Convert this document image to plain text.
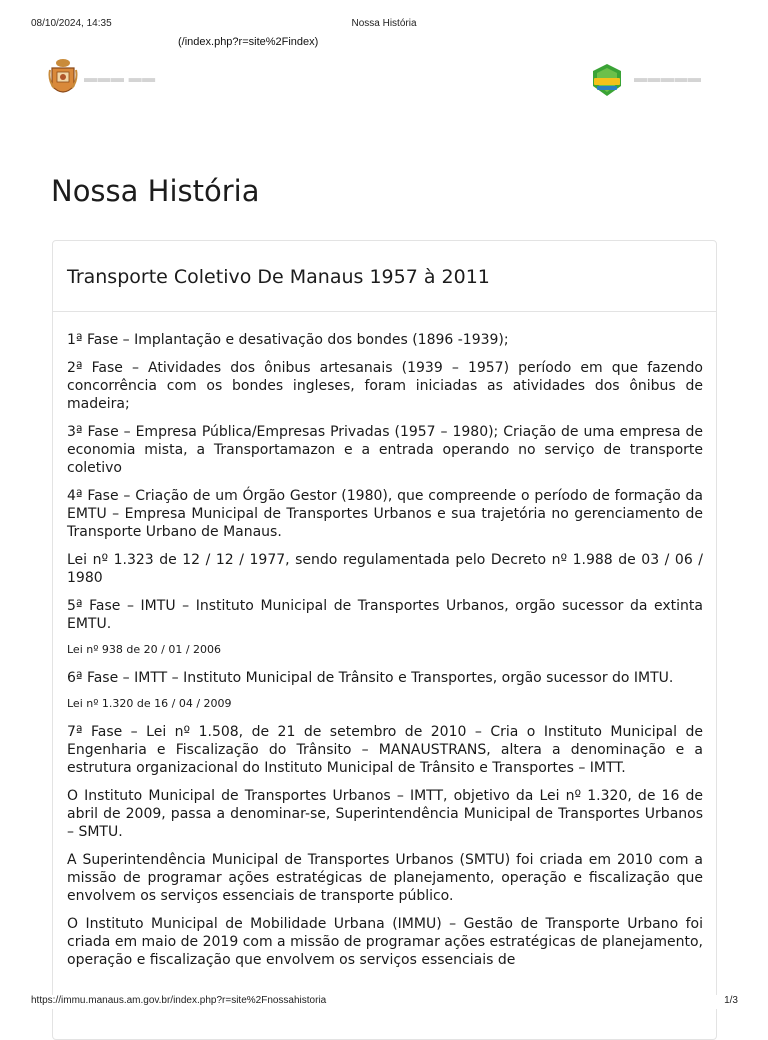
08/10/2024, 14:35	Nossa História
(/index.php?r=site%2Findex)
▬▬▬ ▬▬	▬▬▬▬▬
Nossa História
Transporte Coletivo De Manaus 1957 à 2011

1ª Fase – Implantação e desativação dos bondes (1896 -1939);

2ª Fase – Atividades dos ônibus artesanais (1939 – 1957) período em que fazendo concorrência com os bondes ingleses, foram iniciadas as atividades dos ônibus de madeira;

3ª Fase – Empresa Pública/Empresas Privadas (1957 – 1980); Criação de uma empresa de economia mista, a Transportamazon e a entrada operando no serviço de transporte coletivo

4ª Fase – Criação de um Órgão Gestor (1980), que compreende o período de formação da EMTU – Empresa Municipal de Transportes Urbanos e sua trajetória no gerenciamento de Transporte Urbano de Manaus.

Lei nº 1.323 de 12 / 12 / 1977, sendo regulamentada pelo Decreto nº 1.988 de 03 / 06 / 1980

5ª Fase – IMTU – Instituto Municipal de Transportes Urbanos, orgão sucessor da extinta EMTU.

Lei nº 938 de 20 / 01 / 2006

6ª Fase – IMTT – Instituto Municipal de Trânsito e Transportes, orgão sucessor do IMTU.

Lei nº 1.320 de 16 / 04 / 2009

7ª Fase – Lei nº 1.508, de 21 de setembro de 2010 – Cria o Instituto Municipal de Engenharia e Fiscalização do Trânsito – MANAUSTRANS, altera a denominação e a estrutura organizacional do Instituto Municipal de Trânsito e Transportes – IMTT.

O Instituto Municipal de Transportes Urbanos – IMTT, objetivo da Lei nº 1.320, de 16 de abril de 2009, passa a denominar-se, Superintendência Municipal de Transportes Urbanos – SMTU.

A Superintendência Municipal de Transportes Urbanos (SMTU) foi criada em 2010 com a missão de programar ações estratégicas de planejamento, operação e fiscalização que envolvem os serviços essenciais de transporte público.

O Instituto Municipal de Mobilidade Urbana (IMMU) – Gestão de Transporte Urbano foi criada em maio de 2019 com a missão de programar ações estratégicas de planejamento, operação e fiscalização que envolvem os serviços essenciais de

https://immu.manaus.am.gov.br/index.php?r=site%2Fnossahistoria	1/3
